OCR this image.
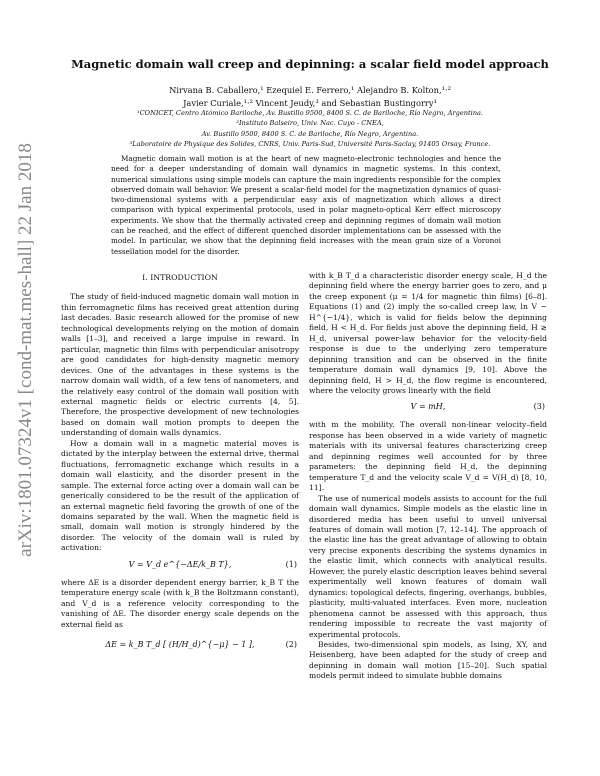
arXiv:1801.07324v1 [cond-mat.mes-hall] 22 Jan 2018
Magnetic domain wall creep and depinning: a scalar field model approach
Nirvana B. Caballero,¹ Ezequiel E. Ferrero,¹ Alejandro B. Kolton,¹·²
Javier Curiale,¹·² Vincent Jeudy,³ and Sebastian Bustingorry¹
¹CONICET, Centro Atómico Bariloche, Av. Bustillo 9500, 8400 S. C. de Bariloche, Río Negro, Argentina.
²Instituto Balseiro, Univ. Nac. Cuyo - CNEA,
Av. Bustillo 9500, 8400 S. C. de Bariloche, Río Negro, Argentina.
³Laboratoire de Physique des Solides, CNRS, Univ. Paris-Sud, Université Paris-Saclay, 91405 Orsay, France.
Magnetic domain wall motion is at the heart of new magneto-electronic technologies and hence the need for a deeper understanding of domain wall dynamics in magnetic systems. In this context, numerical simulations using simple models can capture the main ingredients responsible for the complex observed domain wall behavior. We present a scalar-field model for the magnetization dynamics of quasi-two-dimensional systems with a perpendicular easy axis of magnetization which allows a direct comparison with typical experimental protocols, used in polar magneto-optical Kerr effect microscopy experiments. We show that the thermally activated creep and depinning regimes of domain wall motion can be reached, and the effect of different quenched disorder implementations can be assessed with the model. In particular, we show that the depinning field increases with the mean grain size of a Voronoi tessellation model for the disorder.
I. INTRODUCTION

The study of field-induced magnetic domain wall motion in thin ferromagnetic films has received great attention during last decades. Basic research allowed for the promise of new technological developments relying on the motion of domain walls [1–3], and received a large impulse in reward. In particular, magnetic thin films with perpendicular anisotropy are good candidates for high-density magnetic memory devices. One of the advantages in these systems is the narrow domain wall width, of a few tens of nanometers, and the relatively easy control of the domain wall position with external magnetic fields or electric currents [4, 5]. Therefore, the prospective development of new technologies based on domain wall motion prompts to deepen the understanding of domain walls dynamics.

How a domain wall in a magnetic material moves is dictated by the interplay between the external drive, thermal fluctuations, ferromagnetic exchange which results in a domain wall elasticity, and the disorder present in the sample. The external force acting over a domain wall can be generically considered to be the result of the application of an external magnetic field favoring the growth of one of the domains separated by the wall. When the magnetic field is small, domain wall motion is strongly hindered by the disorder. The velocity of the domain wall is ruled by activation:

V = V_d e^{−ΔE/k_B T},	(1)

where ΔE is a disorder dependent energy barrier, k_B T the temperature energy scale (with k_B the Boltzmann constant), and V_d is a reference velocity corresponding to the vanishing of ΔE. The disorder energy scale depends on the external field as

ΔE = k_B T_d [ (H/H_d)^{−μ} − 1 ],	(2)

with k_B T_d a characteristic disorder energy scale, H_d the depinning field where the energy barrier goes to zero, and μ the creep exponent (μ = 1/4 for magnetic thin films) [6–8]. Equations (1) and (2) imply the so-called creep law, ln V ~ H^{−1/4}, which is valid for fields below the depinning field, H < H_d. For fields just above the depinning field, H ≳ H_d, universal power-law behavior for the velocity-field response is due to the underlying zero temperature depinning transition and can be observed in the finite temperature domain wall dynamics [9, 10]. Above the depinning field, H > H_d, the flow regime is encountered, where the velocity grows linearly with the field

V = mH,	(3)

with m the mobility. The overall non-linear velocity–field response has been observed in a wide variety of magnetic materials with its universal features characterizing creep and depinning regimes well accounted for by three parameters: the depinning field H_d, the depinning temperature T_d and the velocity scale V_d = V(H_d) [8, 10, 11].

The use of numerical models assists to account for the full domain wall dynamics. Simple models as the elastic line in disordered media has been useful to unveil universal features of domain wall motion [7, 12–14]. The approach of the elastic line has the great advantage of allowing to obtain very precise exponents describing the systems dynamics in the elastic limit, which connects with analytical results. However, the purely elastic description leaves behind several experimentally well known features of domain wall dynamics: topological defects, fingering, overhangs, bubbles, plasticity, multi-valuated interfaces. Even more, nucleation phenomena cannot be assessed with this approach, thus rendering impossible to recreate the vast majority of experimental protocols.

Besides, two-dimensional spin models, as Ising, XY, and Heisenberg, have been adapted for the study of creep and depinning in domain wall motion [15–20]. Such spatial models permit indeed to simulate bubble domains
